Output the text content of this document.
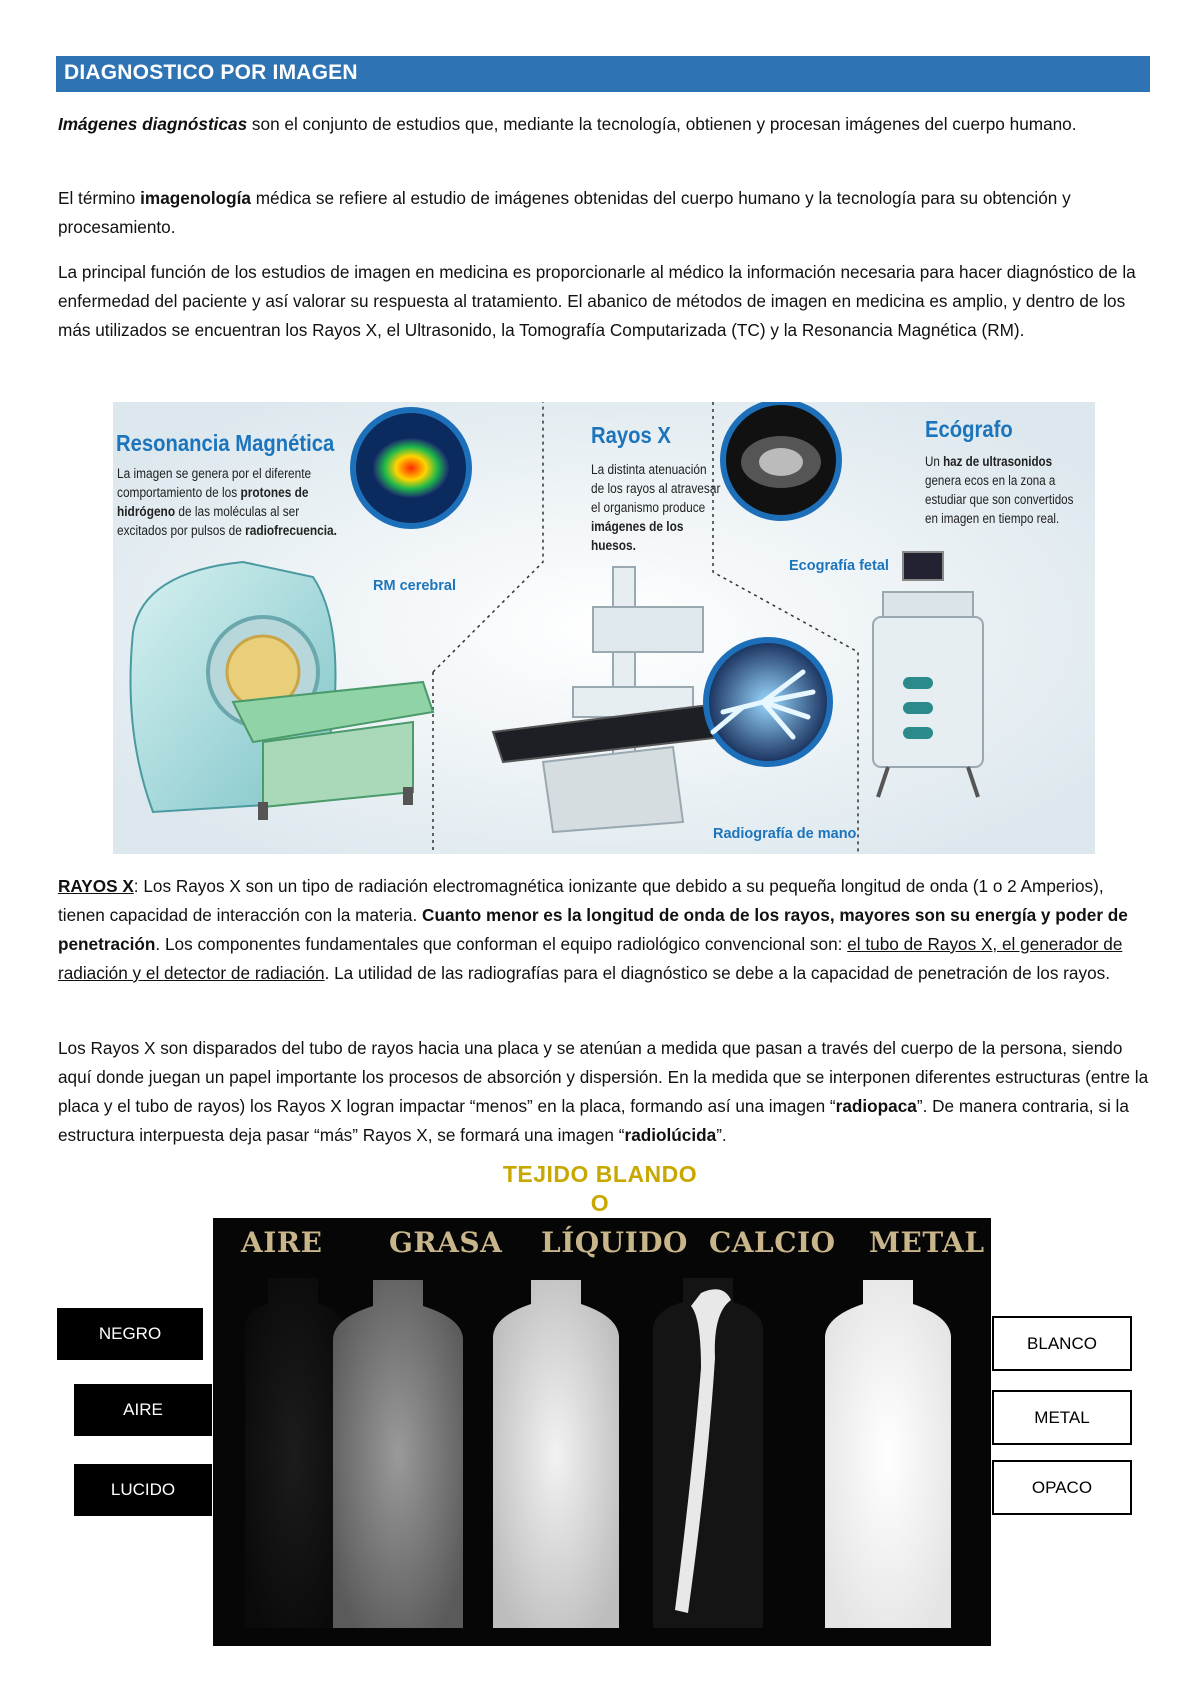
DIAGNOSTICO POR IMAGEN

Imágenes diagnósticas son el conjunto de estudios que, mediante la tecnología, obtienen y procesan imágenes del cuerpo humano.

El término imagenología médica se refiere al estudio de imágenes obtenidas del cuerpo humano y la tecnología para su obtención y procesamiento.

La principal función de los estudios de imagen en medicina es proporcionarle al médico la información necesaria para hacer diagnóstico de la enfermedad del paciente y así valorar su respuesta al tratamiento. El abanico de métodos de imagen en medicina es amplio, y dentro de los más utilizados se encuentran los Rayos X, el Ultrasonido, la Tomografía Computarizada (TC) y la Resonancia Magnética (RM).

Resonancia Magnética
La imagen se genera por el diferente
comportamiento de los protones de
hidrógeno de las moléculas al ser
excitados por pulsos de radiofrecuencia.
RM cerebral
Rayos X
La distinta atenuación
de los rayos al atravesar
el organismo produce
imágenes de los
huesos.
Radiografía de mano
Ecógrafo
Un haz de ultrasonidos
genera ecos en la zona a
estudiar que son convertidos
en imagen en tiempo real.
Ecografía fetal

RAYOS X: Los Rayos X son un tipo de radiación electromagnética ionizante que debido a su pequeña longitud de onda (1 o 2 Amperios), tienen capacidad de interacción con la materia. Cuanto menor es la longitud de onda de los rayos, mayores son su energía y poder de penetración. Los componentes fundamentales que conforman el equipo radiológico convencional son: el tubo de Rayos X, el generador de radiación y el detector de radiación. La utilidad de las radiografías para el diagnóstico se debe a la capacidad de penetración de los rayos.

Los Rayos X son disparados del tubo de rayos hacia una placa y se atenúan a medida que pasan a través del cuerpo de la persona, siendo aquí donde juegan un papel importante los procesos de absorción y dispersión. En la medida que se interponen diferentes estructuras (entre la placa y el tubo de rayos) los Rayos X logran impactar “menos” en la placa, formando así una imagen “radiopaca”. De manera contraria, si la estructura interpuesta deja pasar “más” Rayos X, se formará una imagen “radiolúcida”.

TEJIDO BLANDO
O
AIRE GRASA LÍQUIDO CALCIO METAL
NEGRO
AIRE
LUCIDO
BLANCO
METAL
OPACO
